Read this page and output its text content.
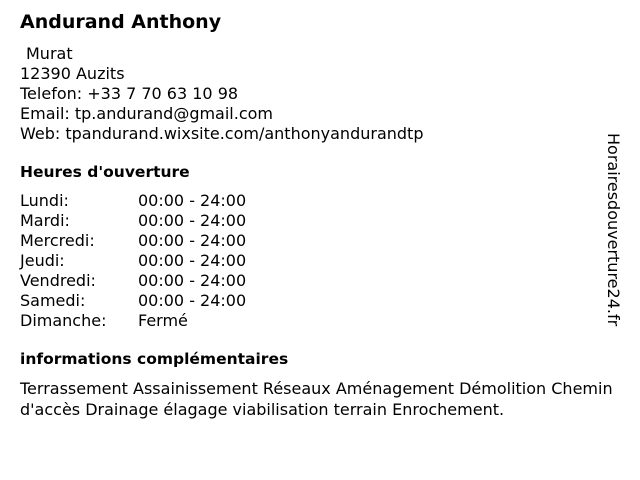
Andurand Anthony
Murat
12390 Auzits
Telefon: +33 7 70 63 10 98
Email: tp.andurand@gmail.com
Web: tpandurand.wixsite.com/anthonyandurandtp
Heures d'ouverture
Lundi:	00:00 - 24:00
Mardi:	00:00 - 24:00
Mercredi:	00:00 - 24:00
Jeudi:	00:00 - 24:00
Vendredi:	00:00 - 24:00
Samedi:	00:00 - 24:00
Dimanche:	Fermé
informations complémentaires
Terrassement Assainissement Réseaux Aménagement Démolition Chemin d'accès Drainage élagage viabilisation terrain Enrochement.
Horairesdouverture24.fr
